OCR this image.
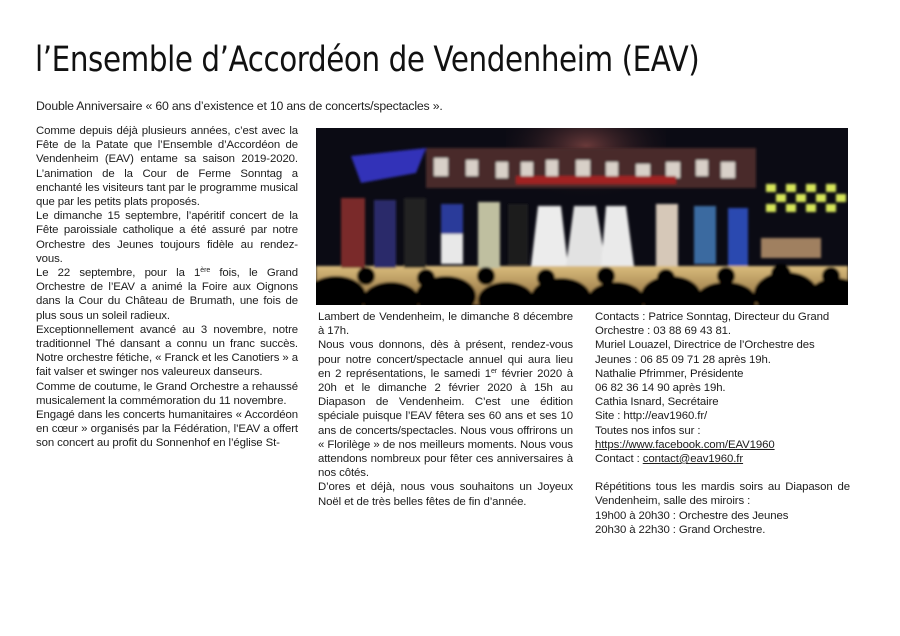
l’Ensemble d’Accordéon de Vendenheim (EAV)

Double Anniversaire « 60 ans d’existence et 10 ans de concerts/spectacles ».

Comme depuis déjà plusieurs années, c’est avec la Fête de la Patate que l’Ensemble d’Accordéon de Vendenheim (EAV) entame sa saison 2019-2020. L’animation de la Cour de Ferme Sonntag a enchanté les visiteurs tant par le programme musical que par les petits plats proposés.

Le dimanche 15 septembre, l’apéritif concert de la Fête paroissiale catholique a été assuré par notre Orchestre des Jeunes toujours fidèle au rendez-vous.

Le 22 septembre, pour la 1ère fois, le Grand Orchestre de l’EAV a animé la Foire aux Oignons dans la Cour du Château de Brumath, une fois de plus sous un soleil radieux.

Exceptionnellement avancé au 3 novembre, notre traditionnel Thé dansant a connu un franc succès. Notre orchestre fétiche, « Franck et les Canotiers » a fait valser et swinger nos valeureux danseurs.

Comme de coutume, le Grand Orchestre a rehaussé musicalement la commémoration du 11 novembre.

Engagé dans les concerts humanitaires « Accordéon en cœur » organisés par la Fédération, l’EAV a offert son concert au profit du Sonnenhof en l’église St-

Lambert de Vendenheim, le dimanche 8 décembre à 17h.

Nous vous donnons, dès à présent, rendez-vous pour notre concert/spectacle annuel qui aura lieu en 2 représentations, le samedi 1er février 2020 à 20h et le dimanche 2 février 2020 à 15h au Diapason de Vendenheim. C’est une édition spéciale puisque l’EAV fêtera ses 60 ans et ses 10 ans de concerts/spectacles. Nous vous offrirons un « Florilège » de nos meilleurs moments. Nous vous attendons nombreux pour fêter ces anniversaires à nos côtés.

D’ores et déjà, nous vous souhaitons un Joyeux Noël et de très belles fêtes de fin d’année.

Contacts : Patrice Sonntag, Directeur du Grand Orchestre : 03 88 69 43 81.

Muriel Louazel, Directrice de l’Orchestre des Jeunes : 06 85 09 71 28 après 19h.

Nathalie Pfrimmer, Présidente

06 82 36 14 90 après 19h.

Cathia Isnard, Secrétaire

Site : http://eav1960.fr/

Toutes nos infos sur :

https://www.facebook.com/EAV1960

Contact : contact@eav1960.fr

Répétitions tous les mardis soirs au Diapason de Vendenheim, salle des miroirs :

19h00 à 20h30 : Orchestre des Jeunes

20h30 à 22h30 : Grand Orchestre.
